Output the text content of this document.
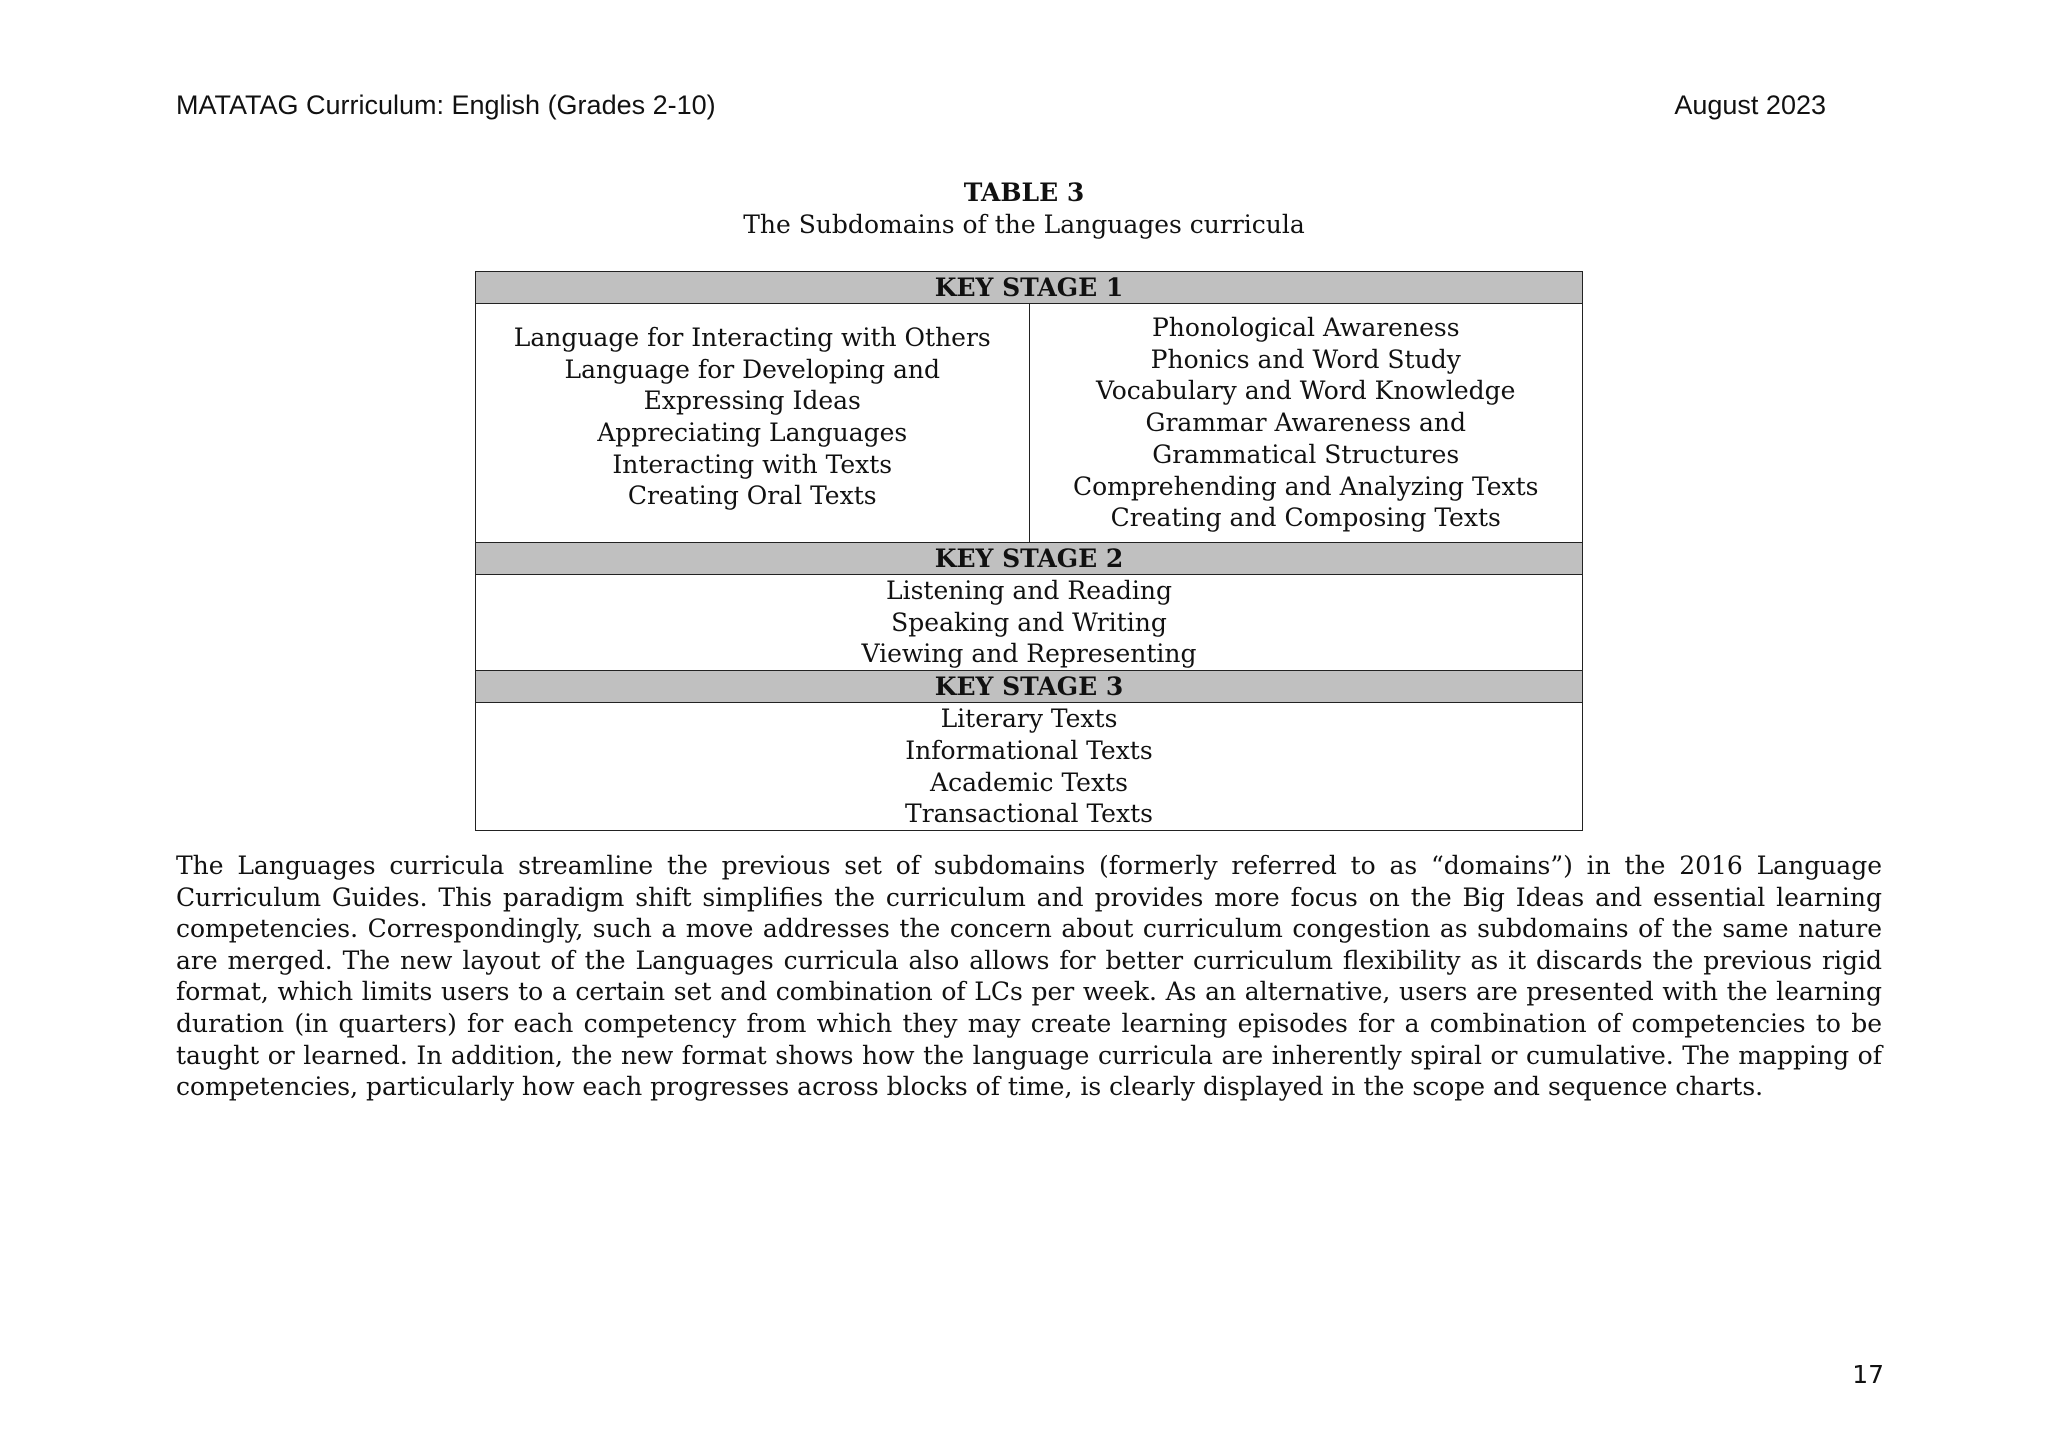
MATATAG Curriculum: English (Grades 2-10)	August 2023
TABLE 3
The Subdomains of the Languages curricula
KEY STAGE 1

Language for Interacting with Others
Language for Developing and
Expressing Ideas
Appreciating Languages
Interacting with Texts
Creating Oral Texts

Phonological Awareness
Phonics and Word Study
Vocabulary and Word Knowledge
Grammar Awareness and
Grammatical Structures
Comprehending and Analyzing Texts
Creating and Composing Texts

KEY STAGE 2

Listening and Reading
Speaking and Writing
Viewing and Representing

KEY STAGE 3

Literary Texts
Informational Texts
Academic Texts
Transactional Texts
The Languages curricula streamline the previous set of subdomains (formerly referred to as “domains”) in the 2016 Language Curriculum Guides. This paradigm shift simplifies the curriculum and provides more focus on the Big Ideas and essential learning competencies. Correspondingly, such a move addresses the concern about curriculum congestion as subdomains of the same nature are merged. The new layout of the Languages curricula also allows for better curriculum flexibility as it discards the previous rigid format, which limits users to a certain set and combination of LCs per week. As an alternative, users are presented with the learning duration (in quarters) for each competency from which they may create learning episodes for a combination of competencies to be taught or learned. In addition, the new format shows how the language curricula are inherently spiral or cumulative. The mapping of competencies, particularly how each progresses across blocks of time, is clearly displayed in the scope and sequence charts.
17
